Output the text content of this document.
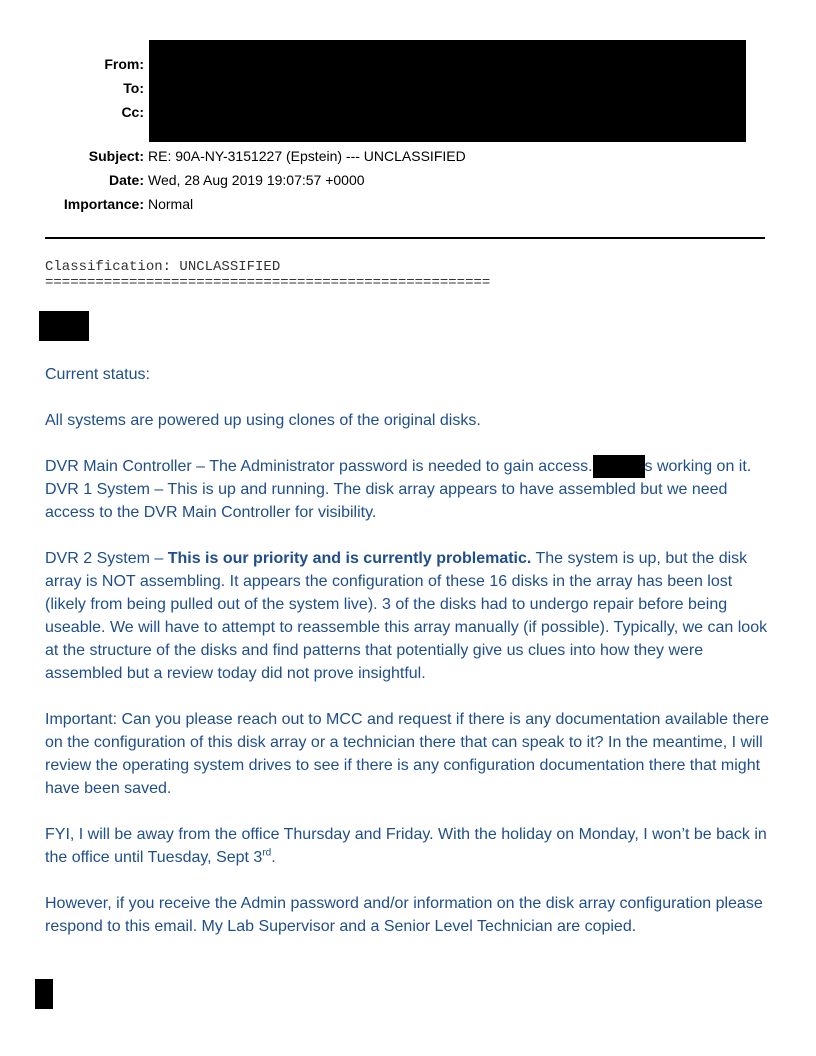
From:
To:
Cc:
Subject: RE: 90A-NY-3151227 (Epstein) --- UNCLASSIFIED
Date: Wed, 28 Aug 2019 19:07:57 +0000
Importance: Normal
Classification: UNCLASSIFIED
=====================================================

Current status:

All systems are powered up using clones of the original disks.

DVR Main Controller – The Administrator password is needed to gain access.	s working on it.

DVR 1 System – This is up and running. The disk array appears to have assembled but we need access to the DVR Main Controller for visibility.

DVR 2 System – This is our priority and is currently problematic. The system is up, but the disk array is NOT assembling. It appears the configuration of these 16 disks in the array has been lost (likely from being pulled out of the system live). 3 of the disks had to undergo repair before being useable. We will have to attempt to reassemble this array manually (if possible). Typically, we can look at the structure of the disks and find patterns that potentially give us clues into how they were assembled but a review today did not prove insightful.

Important: Can you please reach out to MCC and request if there is any documentation available there on the configuration of this disk array or a technician there that can speak to it? In the meantime, I will review the operating system drives to see if there is any configuration documentation there that might have been saved.

FYI, I will be away from the office Thursday and Friday. With the holiday on Monday, I won’t be back in the office until Tuesday, Sept 3rd.

However, if you receive the Admin password and/or information on the disk array configuration please respond to this email. My Lab Supervisor and a Senior Level Technician are copied.
